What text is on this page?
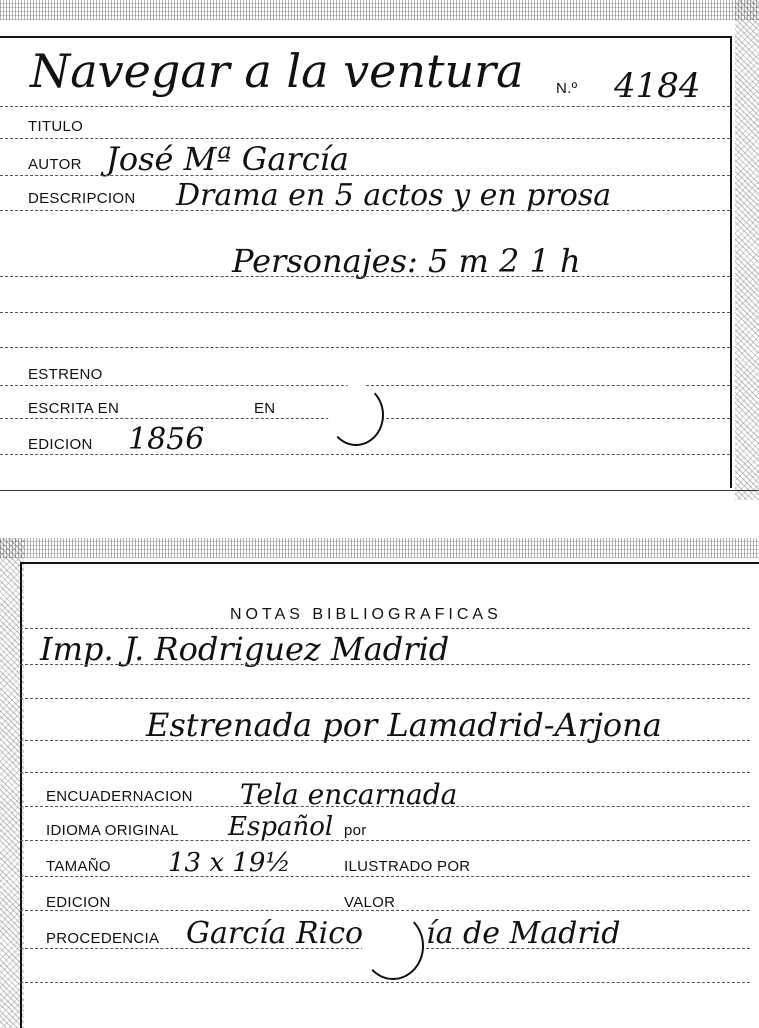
Navegar a la ventura N.º 4184
TITULO
AUTOR José Mª García
DESCRIPCION Drama en 5 actos y en prosa
Personajes: 5 m 2 1 h
ESTRENO
ESCRITA EN	EN
EDICION 1856
NOTAS BIBLIOGRAFICAS
Imp. J. Rodriguez Madrid
Estrenada por Lamadrid-Arjona
ENCUADERNACION Tela encarnada
IDIOMA ORIGINAL Español por
TAMAÑO 13 x 19½	ILUSTRADO POR
EDICION	VALOR
PROCEDENCIA García Rico ía de Madrid
